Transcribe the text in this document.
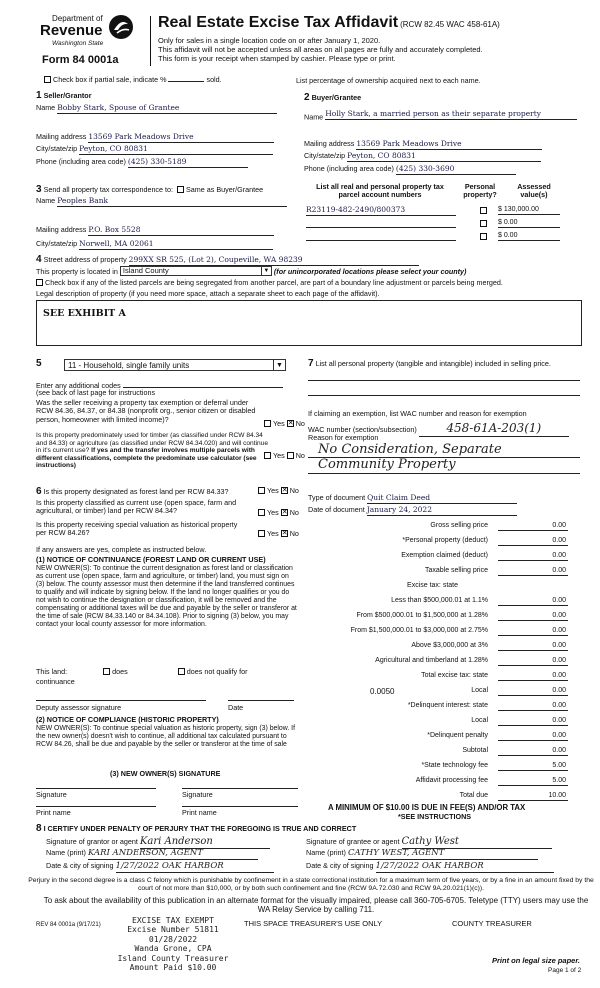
Department of
Revenue
Washington State
Form 84 0001a
Real Estate Excise Tax Affidavit (RCW 82.45 WAC 458-61A)
Only for sales in a single location code on or after January 1, 2020.
This affidavit will not be accepted unless all areas on all pages are fully and accurately completed.
This form is your receipt when stamped by cashier. Please type or print.
Check box if partial sale, indicate %	sold.	List percentage of ownership acquired next to each name.
1 Seller/Grantor
Name Bobby Stark, Spouse of Grantee
Mailing address 13569 Park Meadows Drive
City/state/zip Peyton, CO 80831
Phone (including area code) (425) 330-5189
2 Buyer/Grantee
Name Holly Stark, a married person as their separate property
Mailing address 13569 Park Meadows Drive
City/state/zip Peyton, CO 80831
Phone (including area code) (425) 330-3690
3 Send all property tax correspondence to: Same as Buyer/Grantee
Name Peoples Bank
Mailing address P.O. Box 5528
City/state/zip Norwell, MA 02061
List all real and personal property tax parcel account numbers
Personal property?
Assessed value(s)
R23119-482-2490/800373	$ 130,000.00
$ 0.00
$ 0.00
4 Street address of property 299XX SR 525, (Lot 2), Coupeville, WA 98239
This property is located in Island County	▼ (for unincorporated locations please select your county)
Check box if any of the listed parcels are being segregated from another parcel, are part of a boundary line adjustment or parcels being merged.
Legal description of property (if you need more space, attach a separate sheet to each page of the affidavit).
SEE EXHIBIT A
5	11 - Household, single family units	▼
Enter any additional codes
(see back of last page for instructions
Was the seller receiving a property tax exemption or deferral under RCW 84.36, 84.37, or 84.38 (nonprofit org., senior citizen or disabled person, homeowner with limited income)?	Yes ✕ No
Is this property predominately used for timber (as classified under RCW 84.34 and 84.33) or agriculture (as classified under RCW 84.34.020) and will continue in it's current use? If yes and the transfer involves multiple parcels with different classifications, complete the predominate use calculator (see instructions)
Yes No
6 Is this property designated as forest land per RCW 84.33?	Yes ✕ No
Is this property classified as current use (open space, farm and agricultural, or timber) land per RCW 84.34?	Yes ✕ No
Is this property receiving special valuation as historical property per RCW 84.26?	Yes ✕ No
If any answers are yes, complete as instructed below.
(1) NOTICE OF CONTINUANCE (FOREST LAND OR CURRENT USE)
NEW OWNER(S): To continue the current designation as forest land or classification as current use (open space, farm and agriculture, or timber) land, you must sign on (3) below. The county assessor must then determine if the land transferred continues to qualify and will indicate by signing below. If the land no longer qualifies or you do not wish to continue the designation or classification, it will be removed and the compensating or additional taxes will be due and payable by the seller or transferor at the time of sale (RCW 84.33.140 or 84.34.108). Prior to signing (3) below, you may contact your local county assessor for more information.
This land:	does	does not qualify for
continuance
Deputy assessor signature	Date
(2) NOTICE OF COMPLIANCE (HISTORIC PROPERTY)
NEW OWNER(S): To continue special valuation as historic property, sign (3) below. If the new owner(s) doesn't wish to continue, all additional tax calculated pursuant to RCW 84.26, shall be due and payable by the seller or transferor at the time of sale
(3) NEW OWNER(S) SIGNATURE
Signature	Signature
Print name	Print name
7 List all personal property (tangible and intangible) included in selling price.
If claiming an exemption, list WAC number and reason for exemption
WAC number (section/subsection) 458-61A-203(1)
Reason for exemption
No Consideration, Separate Community Property
Type of document Quit Claim Deed
Date of document January 24, 2022
Gross selling price	0.00
*Personal property (deduct)	0.00
Exemption claimed (deduct)	0.00
Taxable selling price	0.00
Excise tax: state
Less than $500,000.01 at 1.1%	0.00
From $500,000.01 to $1,500,000 at 1.28%	0.00
From $1,500,000.01 to $3,000,000 at 2.75%	0.00
Above $3,000,000 at 3%	0.00
Agricultural and timberland at 1.28%	0.00
Total excise tax: state	0.00
0.0050	Local	0.00
*Delinquent interest: state	0.00
Local	0.00
*Delinquent penalty	0.00
Subtotal	0.00
*State technology fee	5.00
Affidavit processing fee	5.00
Total due	10.00
A MINIMUM OF $10.00 IS DUE IN FEE(S) AND/OR TAX
*SEE INSTRUCTIONS
8 I CERTIFY UNDER PENALTY OF PERJURY THAT THE FOREGOING IS TRUE AND CORRECT
Signature of grantor or agent Kari Anderson
Name (print) KARI ANDERSON, AGENT
Date & city of signing 1/27/2022 OAK HARBOR
Signature of grantee or agent Cathy West
Name (print) CATHY WEST, AGENT
Date & city of signing 1/27/2022 OAK HARBOR
Perjury in the second degree is a class C felony which is punishable by confinement in a state correctional institution for a maximum term of five years, or by a fine in an amount fixed by the court of not more than $10,000, or by both such confinement and fine (RCW 9A.72.030 and RCW 9A.20.021(1)(c)).
To ask about the availability of this publication in an alternate format for the visually impaired, please call 360-705-6705. Teletype (TTY) users may use the WA Relay Service by calling 711.
REV 84 0001a (9/17/21)	EXCISE TAX EXEMPT
Excise Number 51811
01/28/2022
Wanda Grone, CPA
Island County Treasurer
Amount Paid $10.00
THIS SPACE TREASURER'S USE ONLY	COUNTY TREASURER
Print on legal size paper.
Page 1 of 2
